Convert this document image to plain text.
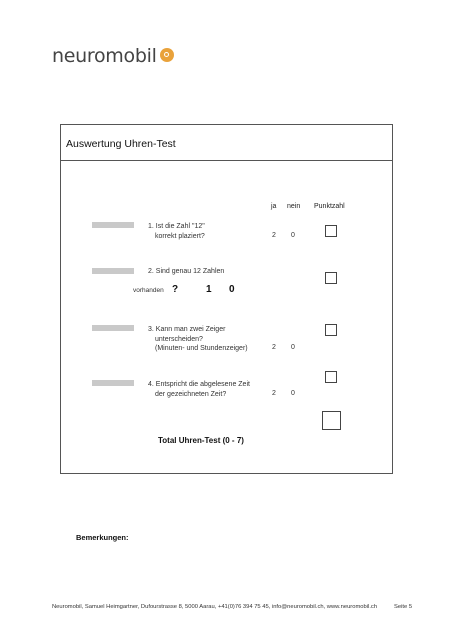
neuromobil
Auswertung Uhren-Test
ja nein Punktzahl
1. Ist die Zahl "12"
korrekt plaziert?	2 0
2. Sind genau 12 Zahlen
vorhanden ?	1 0
3. Kann man zwei Zeiger
unterscheiden?
(Minuten- und Stundenzeiger)	2 0
4. Entspricht die abgelesene Zeit
der gezeichneten Zeit?	2 0
Total Uhren-Test (0 - 7)
Bemerkungen:
Neuromobil, Samuel Heimgartner, Dufourstrasse 8, 5000 Aarau, +41(0)76 394 75 45, info@neuromobil.ch, www.neuromobil.ch	Seite 5
